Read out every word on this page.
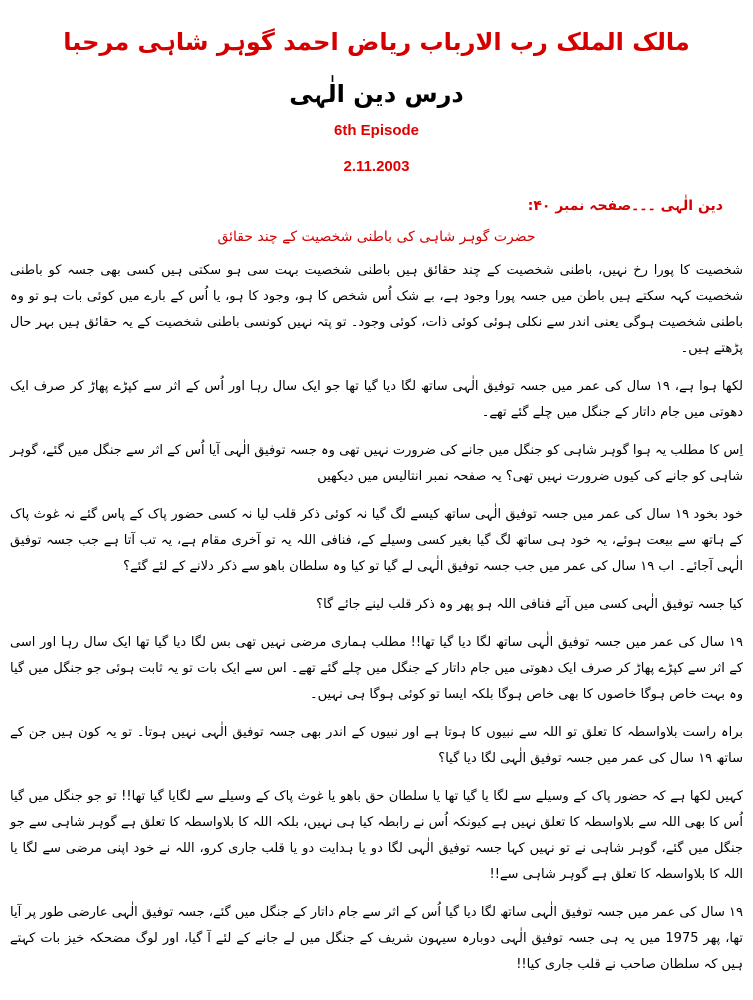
مالک الملک رب الارباب ریاض احمد گوہر شاہی مرحبا
درس دین الٰہی
6th Episode
2.11.2003
دین الٰہی ۔۔۔صفحہ نمبر ۴۰:
حضرت گوہر شاہی کی باطنی شخصیت کے چند حقائق

شخصیت کا پورا رخ نہیں، باطنی شخصیت کے چند حقائق ہیں باطنی شخصیت بہت سی ہو سکتی ہیں کسی بھی جسہ کو باطنی شخصیت کہہ سکتے ہیں باطن میں جسہ پورا وجود ہے، بے شک اُس شخص کا ہو، وجود کا ہو، یا اُس کے بارے میں کوئی بات ہو تو وہ باطنی شخصیت ہوگی یعنی اندر سے نکلی ہوئی کوئی ذات، کوئی وجود۔ تو پتہ نہیں کونسی باطنی شخصیت کے یہ حقائق ہیں بہر حال پڑھتے ہیں۔

لکھا ہوا ہے، ۱۹ سال کی عمر میں جسہ توفیق الٰہی ساتھ لگا دیا گیا تھا جو ایک سال رہا اور اُس کے اثر سے کپڑے پھاڑ کر صرف ایک دھوتی میں جام داتار کے جنگل میں چلے گئے تھے۔

اِس کا مطلب یہ ہوا گوہر شاہی کو جنگل میں جانے کی ضرورت نہیں تھی وہ جسہ توفیق الٰہی آیا اُس کے اثر سے جنگل میں گئے، گوہر شاہی کو جانے کی کیوں ضرورت نہیں تھی؟ یہ صفحہ نمبر انتالیس میں دیکھیں

خود بخود ۱۹ سال کی عمر میں جسہ توفیق الٰہی ساتھ کیسے لگ گیا نہ کوئی ذکر قلب لیا نہ کسی حضور پاک کے پاس گئے نہ غوث پاک کے ہاتھ سے بیعت ہوئے، یہ خود ہی ساتھ لگ گیا بغیر کسی وسیلے کے، فنافی اللہ یہ تو آخری مقام ہے، یہ تب آتا ہے جب جسہ توفیق الٰہی آجائے۔ اب ۱۹ سال کی عمر میں جب جسہ توفیق الٰہی لے گیا تو کیا وہ سلطان باھو سے ذکر دلانے کے لئے گئے؟

کیا جسہ توفیق الٰہی کسی میں آئے فنافی اللہ ہو پھر وہ ذکر قلب لینے جائے گا؟

۱۹ سال کی عمر میں جسہ توفیق الٰہی ساتھ لگا دیا گیا تھا!! مطلب ہماری مرضی نہیں تھی بس لگا دیا گیا تھا ایک سال رہا اور اسی کے اثر سے کپڑے پھاڑ کر صرف ایک دھوتی میں جام داتار کے جنگل میں چلے گئے تھے۔ اس سے ایک بات تو یہ ثابت ہوئی جو جنگل میں گیا وہ بہت خاص ہوگا خاصوں کا بھی خاص ہوگا بلکہ ایسا تو کوئی ہوگا ہی نہیں۔

براہ راست بلاواسطہ کا تعلق تو اللہ سے نبیوں کا ہوتا ہے اور نبیوں کے اندر بھی جسہ توفیق الٰہی نہیں ہوتا۔ تو یہ کون ہیں جن کے ساتھ ۱۹ سال کی عمر میں جسہ توفیق الٰہی لگا دیا گیا؟

کہیں لکھا ہے کہ حضور پاک کے وسیلے سے لگا یا گیا تھا یا سلطان حق باھو یا غوث پاک کے وسیلے سے لگایا گیا تھا!! تو جو جنگل میں گیا اُس کا بھی اللہ سے بلاواسطہ کا تعلق نہیں ہے کیونکہ اُس نے رابطہ کیا ہی نہیں، بلکہ اللہ کا بلاواسطہ کا تعلق ہے گوہر شاہی سے جو جنگل میں گئے، گوہر شاہی نے تو نہیں کہا جسہ توفیق الٰہی لگا دو یا ہدایت دو یا قلب جاری کرو، اللہ نے خود اپنی مرضی سے لگا یا اللہ کا بلاواسطہ کا تعلق ہے گوہر شاہی سے!!

۱۹ سال کی عمر میں جسہ توفیق الٰہی ساتھ لگا دیا گیا اُس کے اثر سے جام داتار کے جنگل میں گئے، جسہ توفیق الٰہی عارضی طور پر آیا تھا، پھر 1975 میں یہ ہی جسہ توفیق الٰہی دوبارہ سیہون شریف کے جنگل میں لے جانے کے لئے آ گیا، اور لوگ مضحکہ خیز بات کہتے ہیں کہ سلطان صاحب نے قلب جاری کیا!!
